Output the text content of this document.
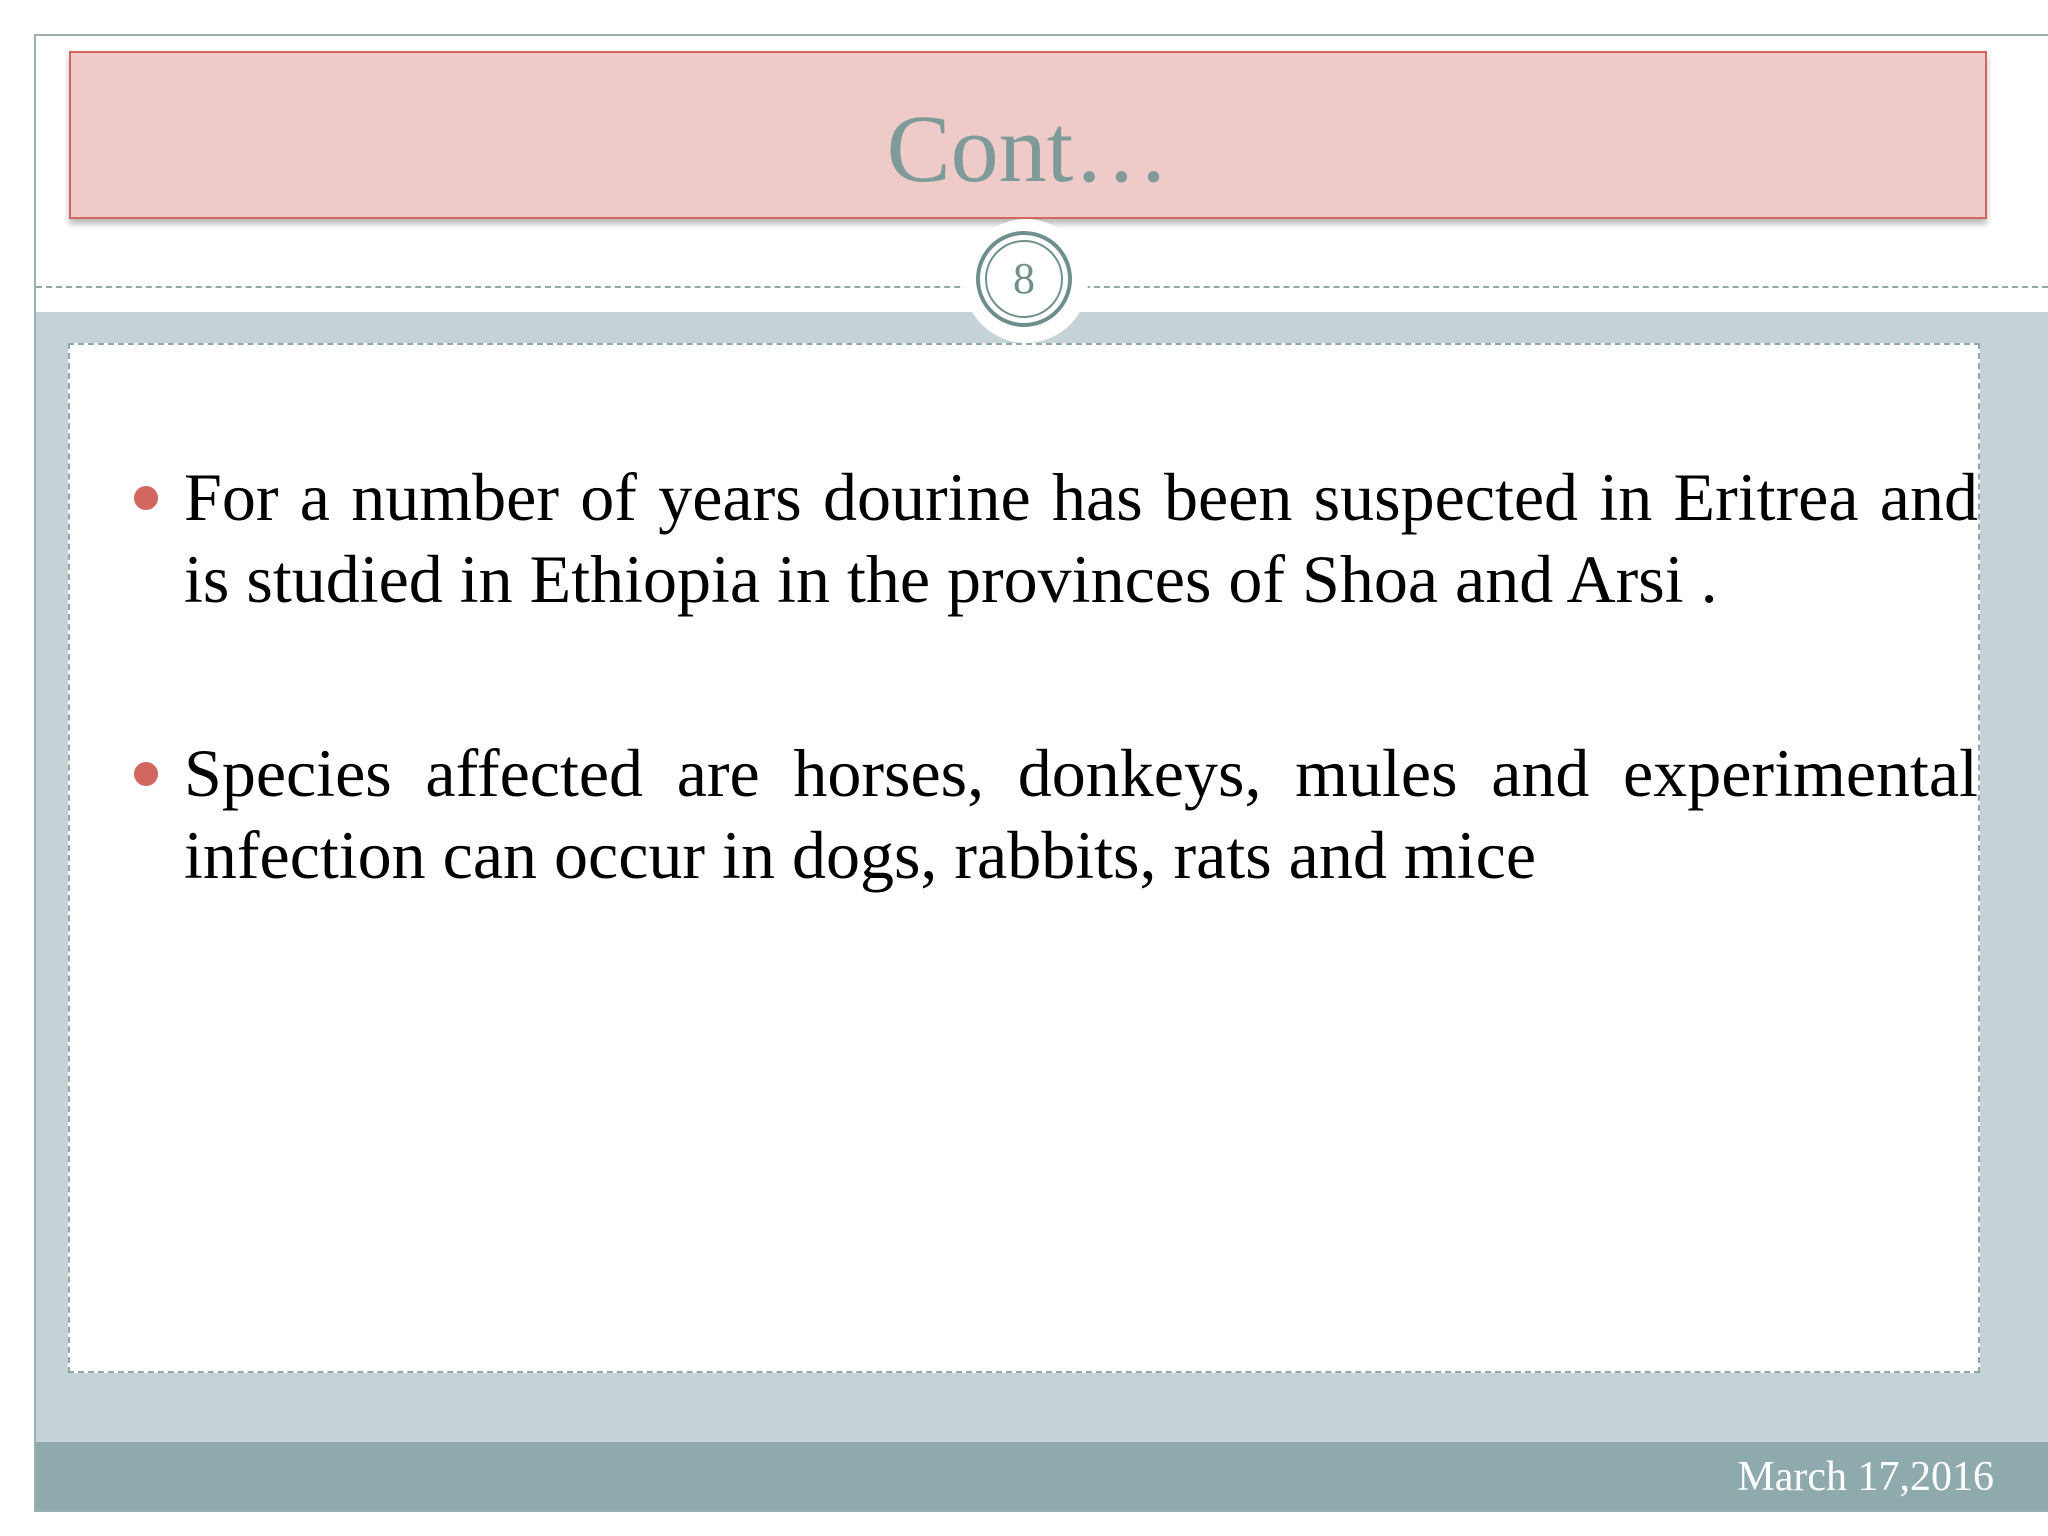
Cont…
8
For a number of years dourine has been suspected in Eritrea and is studied in Ethiopia in the provinces of Shoa and Arsi .
Species affected are horses, donkeys, mules and experimental infection can occur in dogs, rabbits, rats and mice
March 17,2016
